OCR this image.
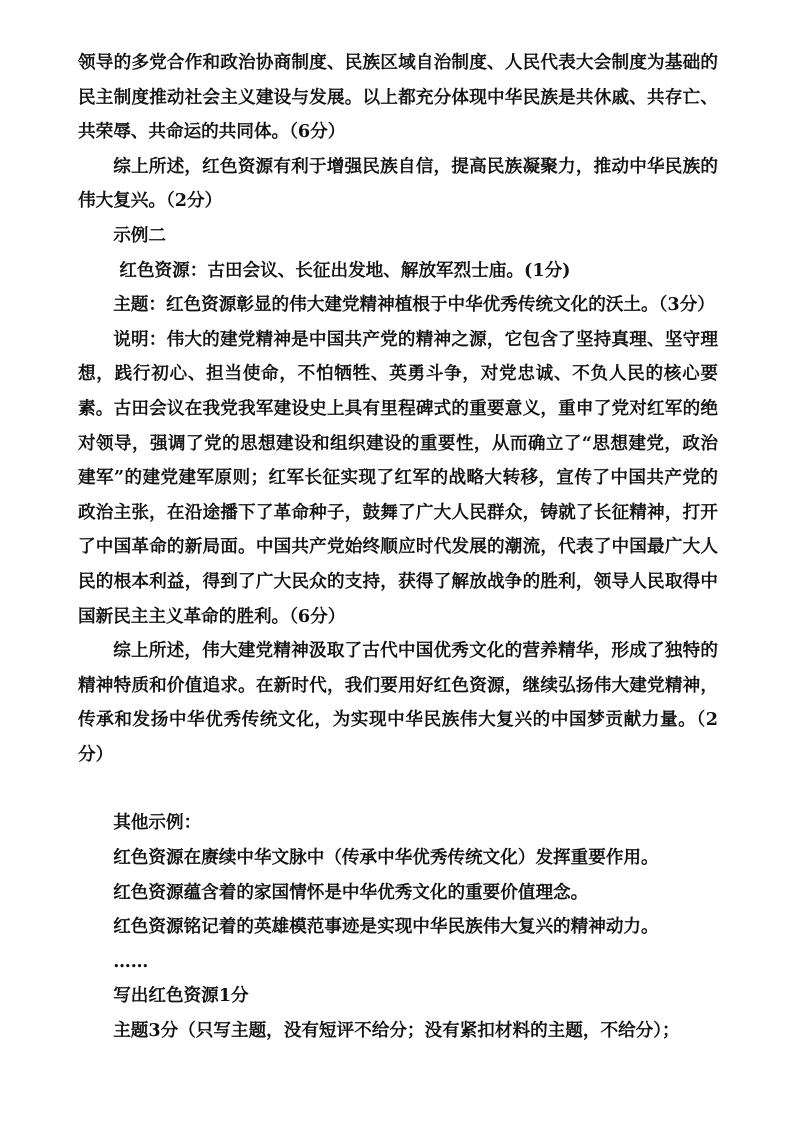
领导的多党合作和政治协商制度、民族区域自治制度、人民代表大会制度为基础的民主制度推动社会主义建设与发展。以上都充分体现中华民族是共休戚、共存亡、共荣辱、共命运的共同体。（6分）

综上所述，红色资源有利于增强民族自信，提高民族凝聚力，推动中华民族的伟大复兴。（2分）

示例二

红色资源：古田会议、长征出发地、解放军烈士庙。(1分)

主题：红色资源彰显的伟大建党精神植根于中华优秀传统文化的沃土。（3分）

说明：伟大的建党精神是中国共产党的精神之源，它包含了坚持真理、坚守理想，践行初心、担当使命，不怕牺牲、英勇斗争，对党忠诚、不负人民的核心要素。古田会议在我党我军建设史上具有里程碑式的重要意义，重申了党对红军的绝对领导，强调了党的思想建设和组织建设的重要性，从而确立了“思想建党，政治建军”的建党建军原则；红军长征实现了红军的战略大转移，宣传了中国共产党的政治主张，在沿途播下了革命种子，鼓舞了广大人民群众，铸就了长征精神，打开了中国革命的新局面。中国共产党始终顺应时代发展的潮流，代表了中国最广大人民的根本利益，得到了广大民众的支持，获得了解放战争的胜利，领导人民取得中国新民主主义革命的胜利。（6分）

综上所述，伟大建党精神汲取了古代中国优秀文化的营养精华，形成了独特的精神特质和价值追求。在新时代，我们要用好红色资源，继续弘扬伟大建党精神，传承和发扬中华优秀传统文化，为实现中华民族伟大复兴的中国梦贡献力量。（2分）

其他示例：

红色资源在赓续中华文脉中（传承中华优秀传统文化）发挥重要作用。

红色资源蕴含着的家国情怀是中华优秀文化的重要价值理念。

红色资源铭记着的英雄模范事迹是实现中华民族伟大复兴的精神动力。

……

写出红色资源1分

主题3分（只写主题，没有短评不给分；没有紧扣材料的主题，不给分）；
